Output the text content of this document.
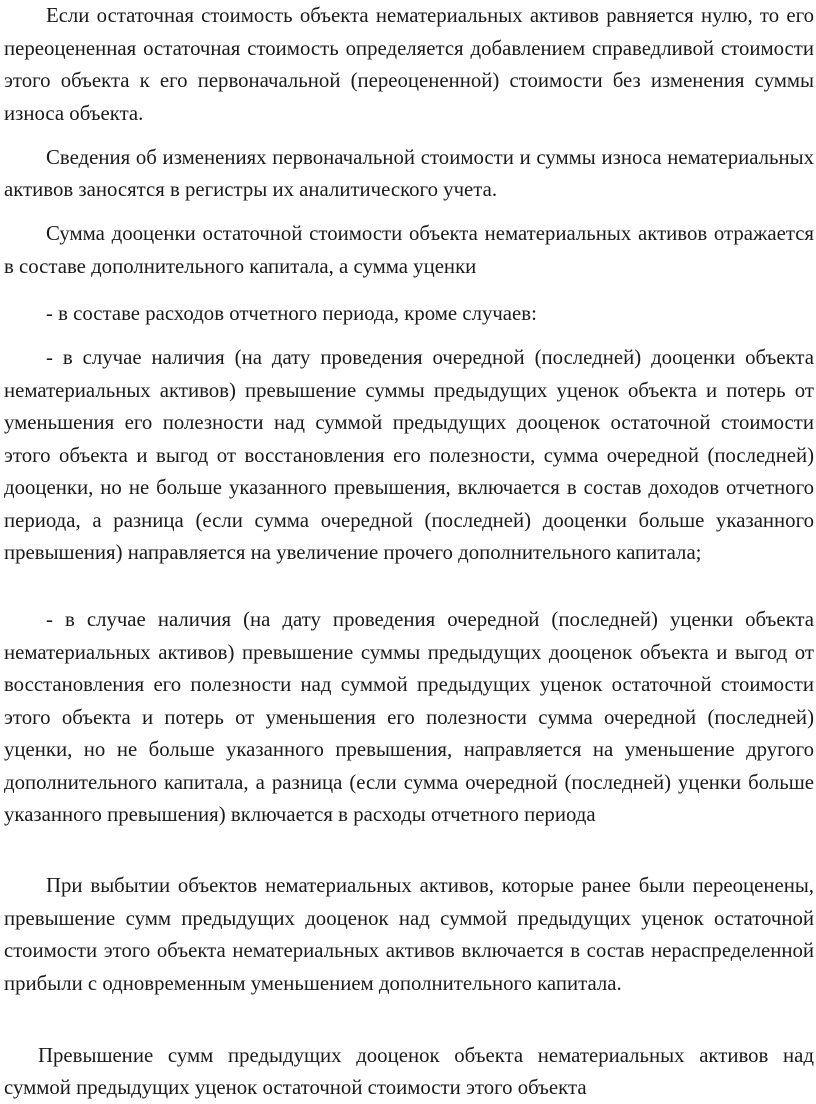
Если остаточная стоимость объекта нематериальных активов равняется нулю, то его переоцененная остаточная стоимость определяется добавлением справедливой стоимости этого объекта к его первоначальной (переоцененной) стоимости без изменения суммы износа объекта.

Сведения об изменениях первоначальной стоимости и суммы износа нематериальных активов заносятся в регистры их аналитического учета.

Сумма дооценки остаточной стоимости объекта нематериальных активов отражается в составе дополнительного капитала, а сумма уценки

- в составе расходов отчетного периода, кроме случаев:

- в случае наличия (на дату проведения очередной (последней) дооценки объекта нематериальных активов) превышение суммы предыдущих уценок объекта и потерь от уменьшения его полезности над суммой предыдущих дооценок остаточной стоимости этого объекта и выгод от восстановления его полезности, сумма очередной (последней) дооценки, но не больше указанного превышения, включается в состав доходов отчетного периода, а разница (если сумма очередной (последней) дооценки больше указанного превышения) направляется на увеличение прочего дополнительного капитала;

- в случае наличия (на дату проведения очередной (последней) уценки объекта нематериальных активов) превышение суммы предыдущих дооценок объекта и выгод от восстановления его полезности над суммой предыдущих уценок остаточной стоимости этого объекта и потерь от уменьшения его полезности сумма очередной (последней) уценки, но не больше указанного превышения, направляется на уменьшение другого дополнительного капитала, а разница (если сумма очередной (последней) уценки больше указанного превышения) включается в расходы отчетного периода

При выбытии объектов нематериальных активов, которые ранее были переоценены, превышение сумм предыдущих дооценок над суммой предыдущих уценок остаточной стоимости этого объекта нематериальных активов включается в состав нераспределенной прибыли с одновременным уменьшением дополнительного капитала.

Превышение сумм предыдущих дооценок объекта нематериальных активов над суммой предыдущих уценок остаточной стоимости этого объекта
